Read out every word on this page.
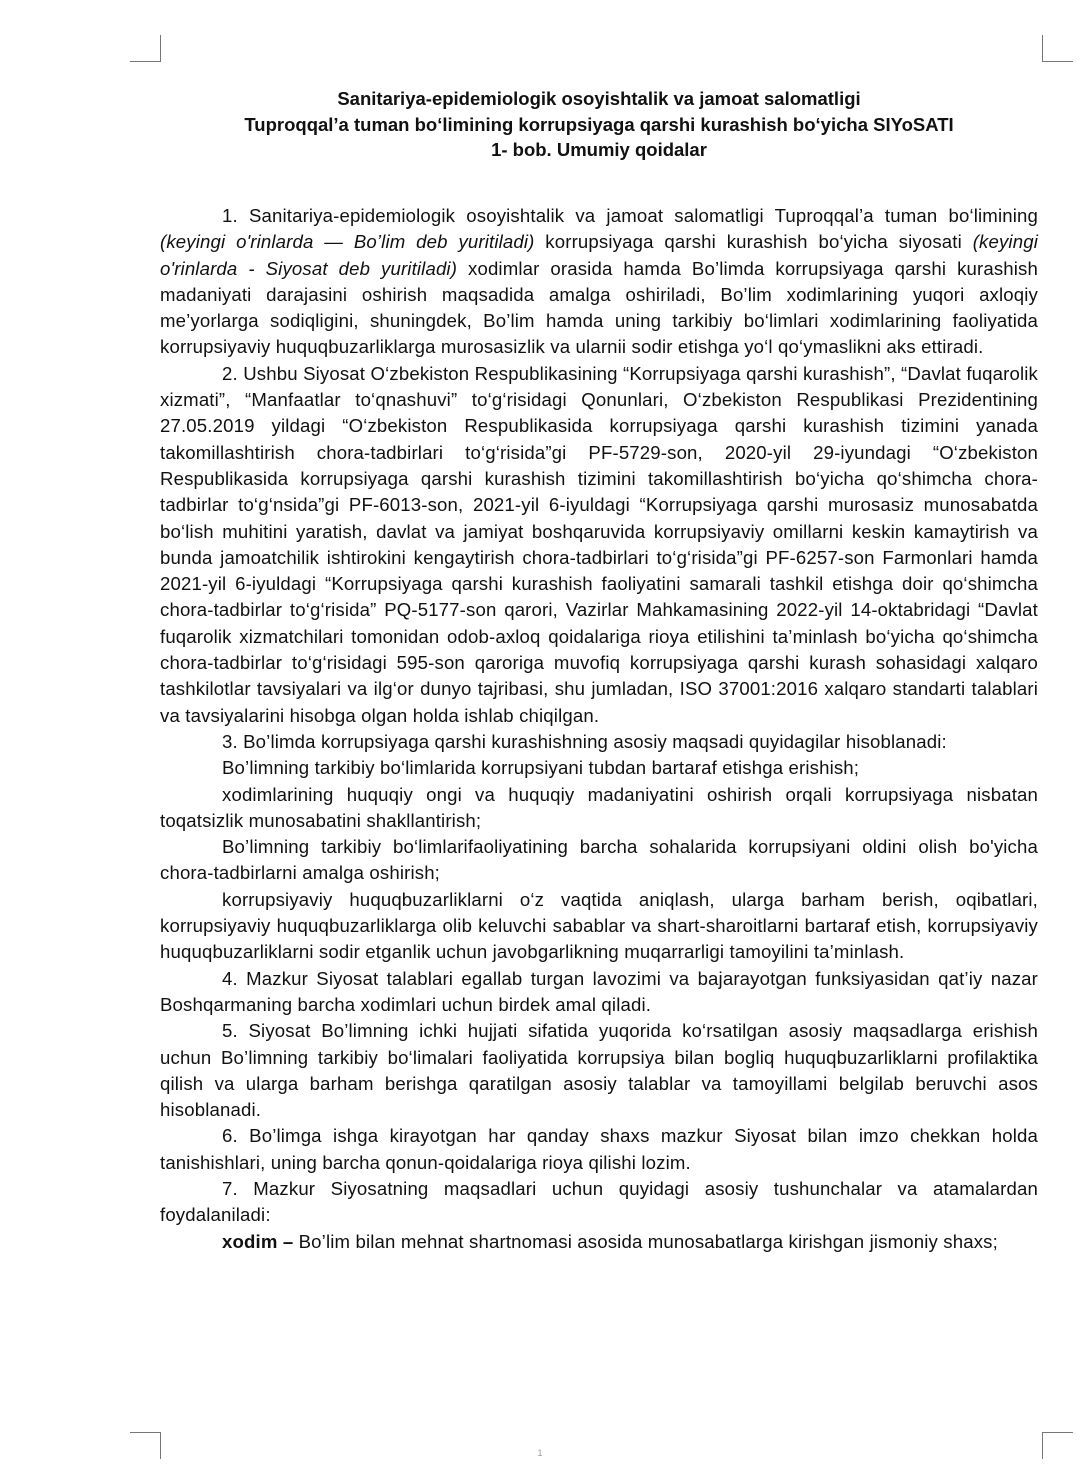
Sanitariya-epidemiologik osoyishtalik va jamoat salomatligi
Tuproqqal’a tuman bo‘limining korrupsiyaga qarshi kurashish bo‘yicha SIYoSATI
1- bob. Umumiy qoidalar

1. Sanitariya-epidemiologik osoyishtalik va jamoat salomatligi Tuproqqal’a tuman bo‘limining (keyingi o'rinlarda — Bo’lim deb yuritiladi) korrupsiyaga qarshi kurashish bo‘yicha siyosati (keyingi o'rinlarda - Siyosat deb yuritiladi) xodimlar orasida hamda Bo’limda korrupsiyaga qarshi kurashish madaniyati darajasini oshirish maqsadida amalga oshiriladi, Bo’lim xodimlarining yuqori axloqiy me’yorlarga sodiqligini, shuningdek, Bo’lim hamda uning tarkibiy bo‘limlari xodimlarining faoliyatida korrupsiyaviy huquqbuzarliklarga murosasizlik va ularnii sodir etishga yo‘l qo‘ymaslikni aks ettiradi.

2. Ushbu Siyosat O‘zbekiston Respublikasining “Korrupsiyaga qarshi kurashish”, “Davlat fuqarolik xizmati”, “Manfaatlar to‘qnashuvi” to‘g‘risidagi Qonunlari, O‘zbekiston Respublikasi Prezidentining 27.05.2019 yildagi “O‘zbekiston Respublikasida korrupsiyaga qarshi kurashish tizimini yanada takomillashtirish chora-tadbirlari to‘g‘risida”gi PF-5729-son, 2020-yil 29-iyundagi “O‘zbekiston Respublikasida korrupsiyaga qarshi kurashish tizimini takomillashtirish bo‘yicha qo‘shimcha chora-tadbirlar to‘g‘nsida”gi PF-6013-son, 2021-yil 6-iyuldagi “Korrupsiyaga qarshi murosasiz munosabatda bo‘lish muhitini yaratish, davlat va jamiyat boshqaruvida korrupsiyaviy omillarni keskin kamaytirish va bunda jamoatchilik ishtirokini kengaytirish chora-tadbirlari to‘g‘risida”gi PF-6257-son Farmonlari hamda 2021-yil 6-iyuldagi “Korrupsiyaga qarshi kurashish faoliyatini samarali tashkil etishga doir qo‘shimcha chora-tadbirlar to‘g‘risida” PQ-5177-son qarori, Vazirlar Mahkamasining 2022-yil 14-oktabridagi “Davlat fuqarolik xizmatchilari tomonidan odob-axloq qoidalariga rioya etilishini ta’minlash bo‘yicha qo‘shimcha chora-tadbirlar to‘g‘risidagi 595-son qaroriga muvofiq korrupsiyaga qarshi kurash sohasidagi xalqaro tashkilotlar tavsiyalari va ilg‘or dunyo tajribasi, shu jumladan, ISO 37001:2016 xalqaro standarti talablari va tavsiyalarini hisobga olgan holda ishlab chiqilgan.

3. Bo’limda korrupsiyaga qarshi kurashishning asosiy maqsadi quyidagilar hisoblanadi:

Bo’limning tarkibiy bo‘limlarida korrupsiyani tubdan bartaraf etishga erishish;

xodimlarining huquqiy ongi va huquqiy madaniyatini oshirish orqali korrupsiyaga nisbatan toqatsizlik munosabatini shakllantirish;

Bo’limning tarkibiy bo‘limlarifaoliyatining barcha sohalarida korrupsiyani oldini olish bo'yicha chora-tadbirlarni amalga oshirish;

korrupsiyaviy huquqbuzarliklarni o‘z vaqtida aniqlash, ularga barham berish, oqibatlari, korrupsiyaviy huquqbuzarliklarga olib keluvchi sabablar va shart-sharoitlarni bartaraf etish, korrupsiyaviy huquqbuzarliklarni sodir etganlik uchun javobgarlikning muqarrarligi tamoyilini ta’minlash.

4. Mazkur Siyosat talablari egallab turgan lavozimi va bajarayotgan funksiyasidan qat’iy nazar Boshqarmaning barcha xodimlari uchun birdek amal qiladi.

5. Siyosat Bo’limning ichki hujjati sifatida yuqorida ko‘rsatilgan asosiy maqsadlarga erishish uchun Bo’limning tarkibiy bo‘limalari faoliyatida korrupsiya bilan bogliq huquqbuzarliklarni profilaktika qilish va ularga barham berishga qaratilgan asosiy talablar va tamoyillami belgilab beruvchi asos hisoblanadi.

6. Bo’limga ishga kirayotgan har qanday shaxs mazkur Siyosat bilan imzo chekkan holda tanishishlari, uning barcha qonun-qoidalariga rioya qilishi lozim.

7. Mazkur Siyosatning maqsadlari uchun quyidagi asosiy tushunchalar va atamalardan foydalaniladi:

xodim – Bo’lim bilan mehnat shartnomasi asosida munosabatlarga kirishgan jismoniy shaxs;

1
